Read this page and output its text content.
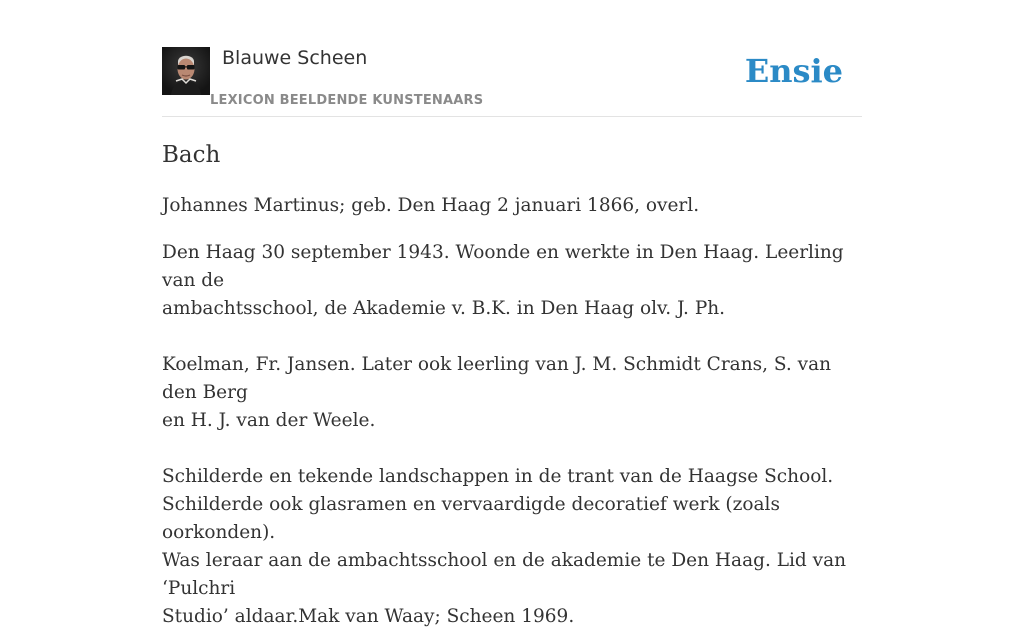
Blauwe Scheen
LEXICON BEELDENDE KUNSTENAARS
Ensie
Bach

Johannes Martinus; geb. Den Haag 2 januari 1866, overl.

Den Haag 30 september 1943. Woonde en werkte in Den Haag. Leerling van de
ambachtsschool, de Akademie v. B.K. in Den Haag olv. J. Ph.

Koelman, Fr. Jansen. Later ook leerling van J. M. Schmidt Crans, S. van den Berg
en H. J. van der Weele.

Schilderde en tekende landschappen in de trant van de Haagse School.
Schilderde ook glasramen en vervaardigde decoratief werk (zoals oorkonden).
Was leraar aan de ambachtsschool en de akademie te Den Haag. Lid van ‘Pulchri
Studio’ aldaar.Mak van Waay; Scheen 1969.
